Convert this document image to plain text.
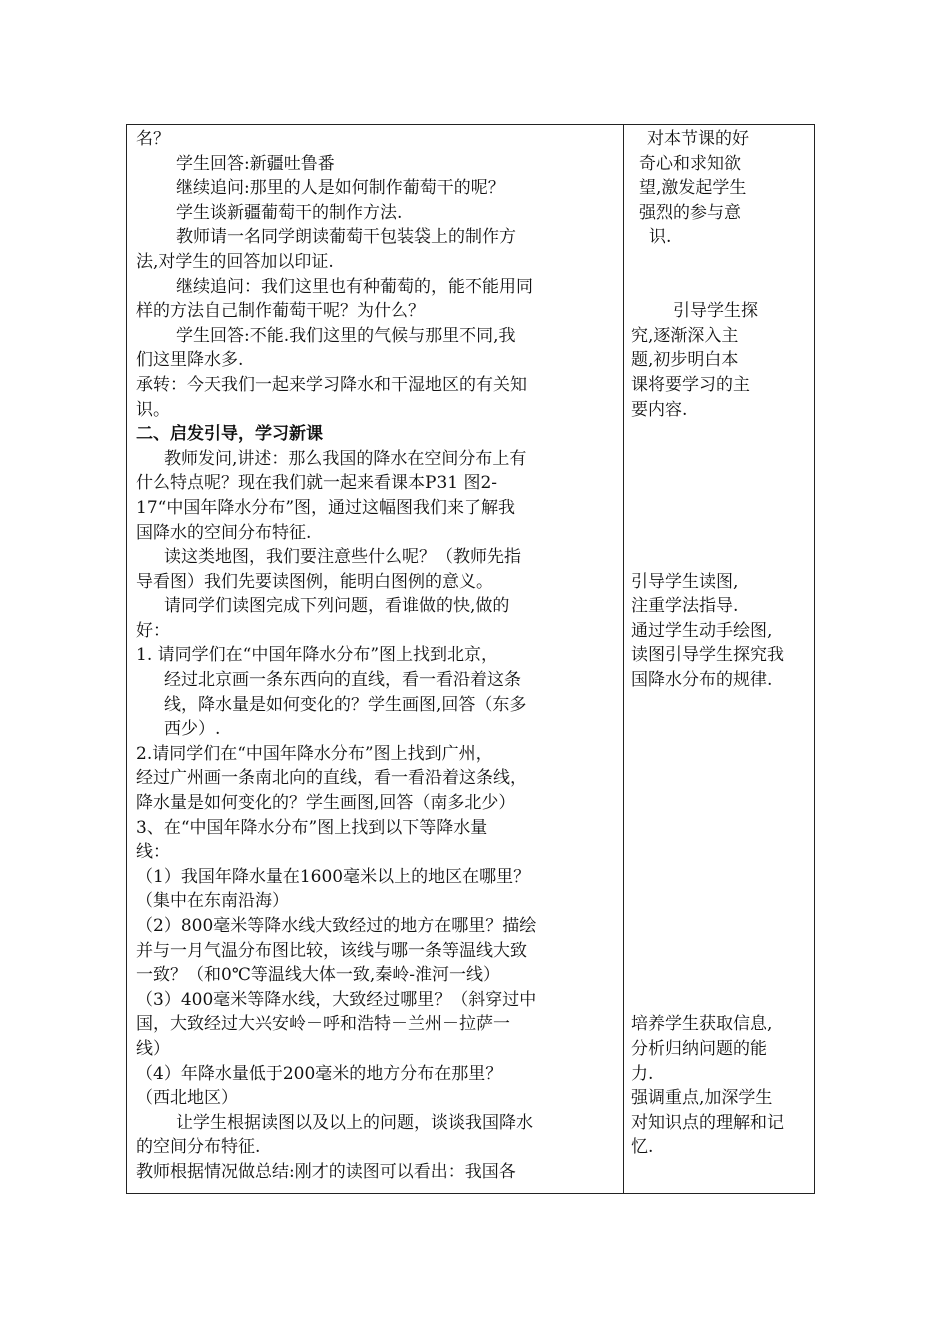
名？
学生回答:新疆吐鲁番
继续追问:那里的人是如何制作葡萄干的呢？
学生谈新疆葡萄干的制作方法.
教师请一名同学朗读葡萄干包装袋上的制作方
法,对学生的回答加以印证.
继续追问：我们这里也有种葡萄的，能不能用同
样的方法自己制作葡萄干呢？为什么？
学生回答:不能.我们这里的气候与那里不同,我
们这里降水多.
承转：今天我们一起来学习降水和干湿地区的有关知
识。
二、启发引导，学习新课
教师发问,讲述：那么我国的降水在空间分布上有
什么特点呢？现在我们就一起来看课本P31 图2-
17“中国年降水分布”图，通过这幅图我们来了解我
国降水的空间分布特征.
读这类地图，我们要注意些什么呢？（教师先指
导看图）我们先要读图例，能明白图例的意义。
请同学们读图完成下列问题，看谁做的快,做的
好：
1. 请同学们在“中国年降水分布”图上找到北京，
经过北京画一条东西向的直线，看一看沿着这条
线，降水量是如何变化的？学生画图,回答（东多
西少）.
2.请同学们在“中国年降水分布”图上找到广州，
经过广州画一条南北向的直线，看一看沿着这条线，
降水量是如何变化的？学生画图,回答（南多北少）
3、在“中国年降水分布”图上找到以下等降水量
线：
（1）我国年降水量在1600毫米以上的地区在哪里？
（集中在东南沿海）
（2）800毫米等降水线大致经过的地方在哪里？描绘
并与一月气温分布图比较，该线与哪一条等温线大致
一致？（和0℃等温线大体一致,秦岭-淮河一线）
（3）400毫米等降水线，大致经过哪里？（斜穿过中
国，大致经过大兴安岭－呼和浩特－兰州－拉萨一
线）
（4）年降水量低于200毫米的地方分布在那里？
（西北地区）
让学生根据读图以及以上的问题，谈谈我国降水
的空间分布特征.
教师根据情况做总结:刚才的读图可以看出：我国各
对本节课的好
奇心和求知欲
望,激发起学生
强烈的参与意
识.
引导学生探
究,逐渐深入主
题,初步明白本
课将要学习的主
要内容.
引导学生读图,
注重学法指导.
通过学生动手绘图,
读图引导学生探究我
国降水分布的规律.
培养学生获取信息,
分析归纳问题的能
力.
强调重点,加深学生
对知识点的理解和记
忆.
